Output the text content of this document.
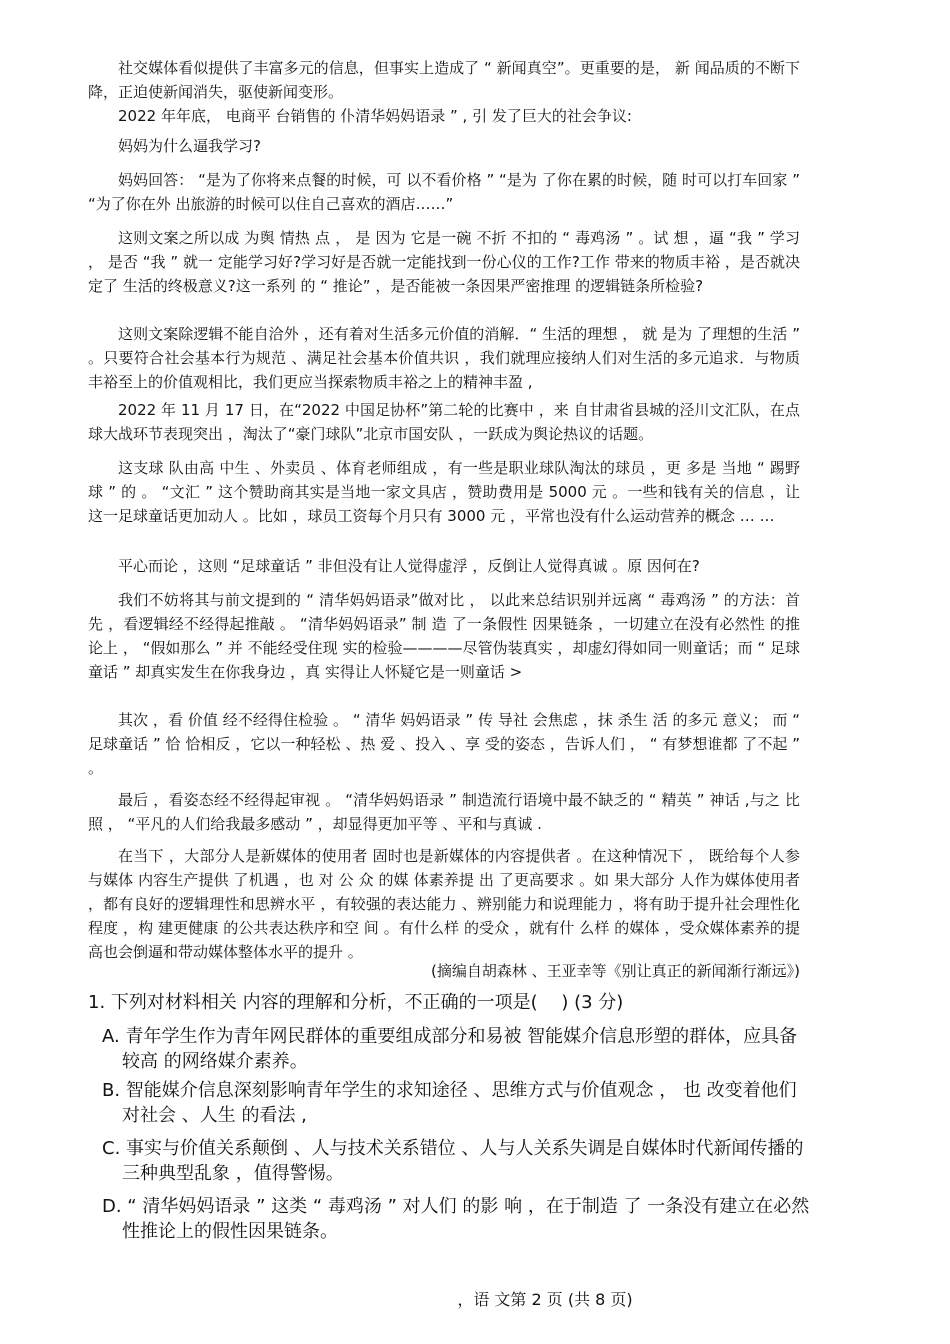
社交媒体看似提供了丰富多元的信息，但事实上造成了 “ 新闻真空”。更重要的是， 新 闻品质的不断下降，正迫使新闻消失，驱使新闻变形。

2022 年年底， 电商平 台销售的 仆清华妈妈语录 ” , 引 发了巨大的社会争议:

妈妈为什么逼我学习?

妈妈回答： “是为了你将来点餐的时候，可 以不看价格 ” “是为 了你在累的时候，随 时可以打车回家 ” “为了你在外 出旅游的时候可以住自己喜欢的酒店……”

这则文案之所以成 为舆 情热 点 ， 是 因为 它是一碗 不折 不扣的 “ 毒鸡汤 ” 。试 想 ，逼 “我 ” 学习 ， 是否 “我 ” 就一 定能学习好?学习好是否就一定能找到一份心仪的工作?工作 带来的物质丰裕 ，是否就决定了 生活的终极意义?这一系列 的 “ 推论” ，是否能被一条因果严密推理 的逻辑链条所检验?

这则文案除逻辑不能自洽外 ，还有着对生活多元价值的消解．“ 生活的理想 ， 就 是为 了理想的生活 ” 。只要符合社会基本行为规范 、满足社会基本价值共识 ，我们就理应接纳人们对生活的多元追求．与物质丰裕至上的价值观相比，我们更应当探索物质丰裕之上的精神丰盈 ,

2022 年 11 月 17 日，在“2022 中国足协杯”第二轮的比赛中 ，来 自甘肃省县城的泾川文汇队，在点球大战环节表现突出 ，淘汰了“豪门球队”北京市国安队 ，一跃成为舆论热议的话题。

这支球 队由高 中生 、外卖员 、体育老师组成 ，有一些是职业球队淘汰的球员 ，更 多是 当地 “ 踢野球 ” 的 。 “文汇 ” 这个赞助商其实是当地一家文具店 ，赞助费用是 5000 元 。一些和钱有关的信息 ，让这一足球童话更加动人 。比如 ，球员工资每个月只有 3000 元 ，平常也没有什么运动营养的概念 … …

平心而论 ，这则 “足球童话 ” 非但没有让人觉得虚浮 ，反倒让人觉得真诚 。原 因何在?

我们不妨将其与前文提到的 “ 清华妈妈语录”做对比 ， 以此来总结识别并远离 “ 毒鸡汤 ” 的方法：首先 ，看逻辑经不经得起推敲 。 “清华妈妈语录” 制 造 了一条假性 因果链条 ，一切建立在没有必然性 的推论上 ， “假如那么 ” 并 不能经受住现 实的检验————尽管伪装真实 ，却虚幻得如同一则童话；而 “ 足球童话 ” 却真实发生在你我身边 ，真 实得让人怀疑它是一则童话 >

其次 ，看 价值 经不经得住检验 。 “ 清华 妈妈语录 ” 传 导社 会焦虑 ，抹 杀生 活 的多元 意义； 而 “ 足球童话 ” 恰 恰相反 ，它以一种轻松 、热 爱 、投入 、享 受的姿态 ，告诉人们 ， “ 有梦想谁都 了不起 ” 。

最后 ，看姿态经不经得起审视 。 “清华妈妈语录 ” 制造流行语境中最不缺乏的 “ 精英 ” 神话 ,与之 比照 ， “平凡的人们给我最多感动 ” ，却显得更加平等 、平和与真诚 .

在当下 ，大部分人是新媒体的使用者 固时也是新媒体的内容提供者 。在这种情况下 ， 既给每个人参与媒体 内容生产提供 了机遇 ，也 对 公 众 的媒 体素养提 出 了更高要求 。如 果大部分 人作为媒体使用者 ，都有良好的逻辑理性和思辨水平 ，有较强的表达能力 、辨别能力和说理能力 ，将有助于提升社会理性化程度 ，构 建更健康 的公共表达秩序和空 间 。有什么样 的受众 ，就有什 么样 的媒体 ，受众媒体素养的提高也会倒逼和带动媒体整体水平的提升 。

(摘编自胡森林 、王亚幸等《别让真正的新闻渐行渐远》)

1. 下列对材料相关 内容的理解和分析，不正确的一项是(　 ) (3 分)

A. 青年学生作为青年网民群体的重要组成部分和易被 智能媒介信息形塑的群体，应具备较高 的网络媒介素养。

B. 智能媒介信息深刻影响青年学生的求知途径 、思维方式与价值观念 ， 也 改变着他们对社会 、人生 的看法 ,

C. 事实与价值关系颠倒 、人与技术关系错位 、人与人关系失调是自媒体时代新闻传播的三种典型乱象 ，值得警惕。

D. “ 清华妈妈语录 ” 这类 “ 毒鸡汤 ” 对人们 的影 响 ，在于制造 了 一条没有建立在必然性推论上的假性因果链条。

，语 文第 2 页 (共 8 页)
